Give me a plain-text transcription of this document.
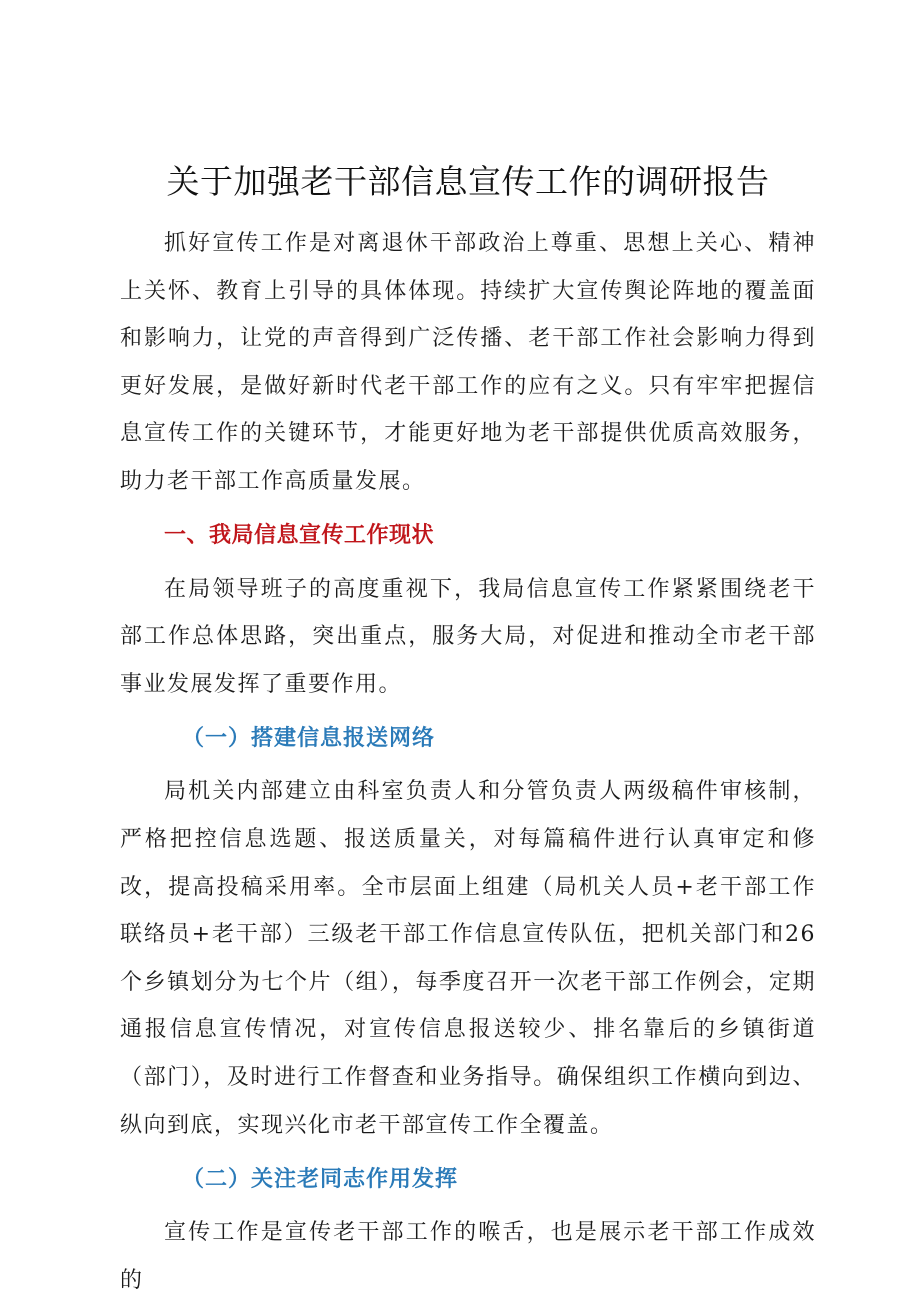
关于加强老干部信息宣传工作的调研报告

抓好宣传工作是对离退休干部政治上尊重、思想上关心、精神上关怀、教育上引导的具体体现。持续扩大宣传舆论阵地的覆盖面和影响力，让党的声音得到广泛传播、老干部工作社会影响力得到更好发展，是做好新时代老干部工作的应有之义。只有牢牢把握信息宣传工作的关键环节，才能更好地为老干部提供优质高效服务，助力老干部工作高质量发展。

一、我局信息宣传工作现状

在局领导班子的高度重视下，我局信息宣传工作紧紧围绕老干部工作总体思路，突出重点，服务大局，对促进和推动全市老干部事业发展发挥了重要作用。

（一）搭建信息报送网络

局机关内部建立由科室负责人和分管负责人两级稿件审核制，严格把控信息选题、报送质量关，对每篇稿件进行认真审定和修改，提高投稿采用率。全市层面上组建（局机关人员+老干部工作联络员+老干部）三级老干部工作信息宣传队伍，把机关部门和26个乡镇划分为七个片（组），每季度召开一次老干部工作例会，定期通报信息宣传情况，对宣传信息报送较少、排名靠后的乡镇街道（部门），及时进行工作督查和业务指导。确保组织工作横向到边、纵向到底，实现兴化市老干部宣传工作全覆盖。

（二）关注老同志作用发挥

宣传工作是宣传老干部工作的喉舌，也是展示老干部工作成效的
